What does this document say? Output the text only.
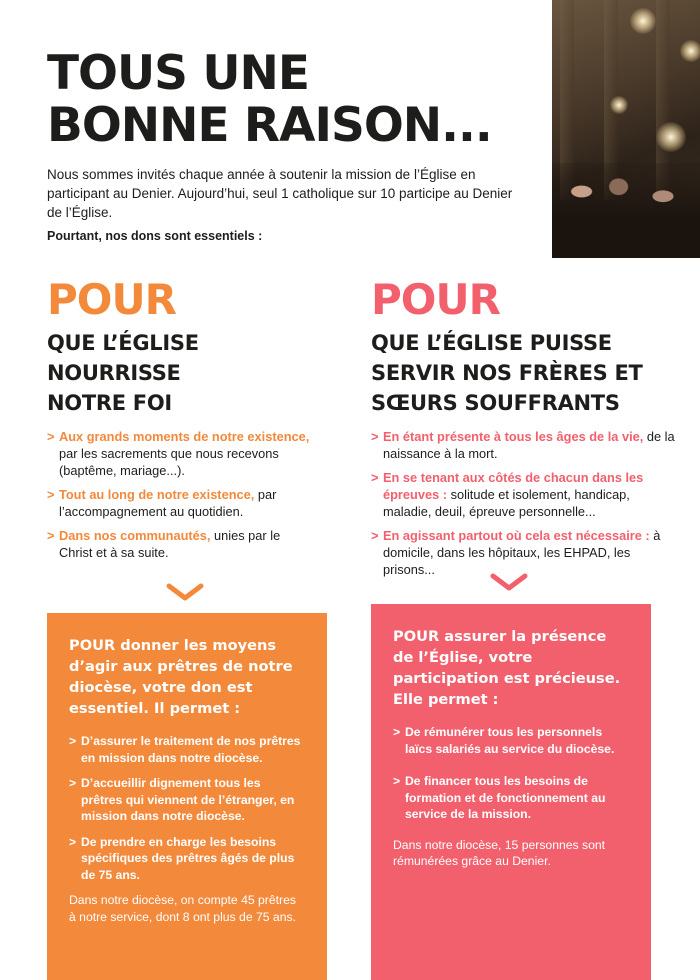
TOUS UNE
BONNE RAISON...

Nous sommes invités chaque année à soutenir la mission de l’Église en participant au Denier. Aujourd’hui, seul 1 catholique sur 10 participe au Denier de l’Église.

Pourtant, nos dons sont essentiels :

POUR	POUR
QUE L’ÉGLISE
NOURRISSE
NOTRE FOI
QUE L’ÉGLISE PUISSE
SERVIR NOS FRÈRES ET
SŒURS SOUFFRANTS
> Aux grands moments de notre existence, par les sacrements que nous recevons (baptême, mariage...).
> Tout au long de notre existence, par l’accompagnement au quotidien.
> Dans nos communautés, unies par le Christ et à sa suite.
> En étant présente à tous les âges de la vie, de la naissance à la mort.
> En se tenant aux côtés de chacun dans les épreuves : solitude et isolement, handicap, maladie, deuil, épreuve personnelle...
> En agissant partout où cela est nécessaire : à domicile, dans les hôpitaux, les EHPAD, les prisons...

POUR donner les moyens d’agir aux prêtres de notre diocèse, votre don est essentiel. Il permet :

> D’assurer le traitement de nos prêtres en mission dans notre diocèse.
> D’accueillir dignement tous les prêtres qui viennent de l’étranger, en mission dans notre diocèse.
> De prendre en charge les besoins spécifiques des prêtres âgés de plus de 75 ans.

Dans notre diocèse, on compte 45 prêtres à notre service, dont 8 ont plus de 75 ans.

POUR assurer la présence de l’Église, votre participation est précieuse. Elle permet :

> De rémunérer tous les personnels laïcs salariés au service du diocèse.
> De financer tous les besoins de formation et de fonctionnement au service de la mission.

Dans notre diocèse, 15 personnes sont rémunérées grâce au Denier.
